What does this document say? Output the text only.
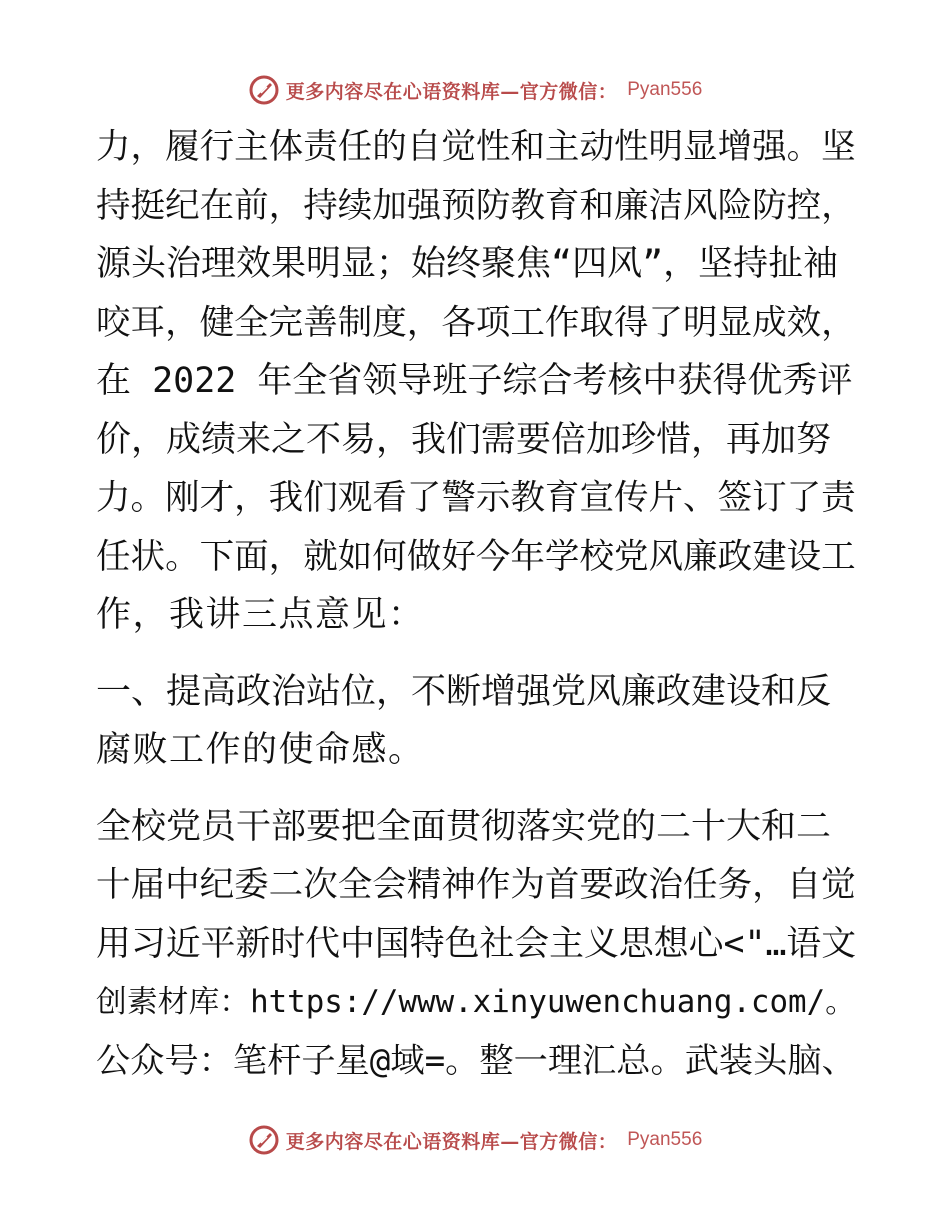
更多内容尽在心语资料库—官方微信： Pyan556
力，履行主体责任的自觉性和主动性明显增强。坚
持挺纪在前，持续加强预防教育和廉洁风险防控，
源头治理效果明显；始终聚焦“四风”，坚持扯袖
咬耳，健全完善制度，各项工作取得了明显成效，
在 2022 年全省领导班子综合考核中获得优秀评
价，成绩来之不易，我们需要倍加珍惜，再加努
力。刚才，我们观看了警示教育宣传片、签订了责
任状。下面，就如何做好今年学校党风廉政建设工
作，我讲三点意见：
一、提高政治站位，不断增强党风廉政建设和反
腐败工作的使命感。
全校党员干部要把全面贯彻落实党的二十大和二
十届中纪委二次全会精神作为首要政治任务，自觉
用习近平新时代中国特色社会主义思想心<"…语文
创素材库：https://www.xinyuwenchuang.com/。
公众号：笔杆子星@域=。整一理汇总。武装头脑、
更多内容尽在心语资料库—官方微信： Pyan556
